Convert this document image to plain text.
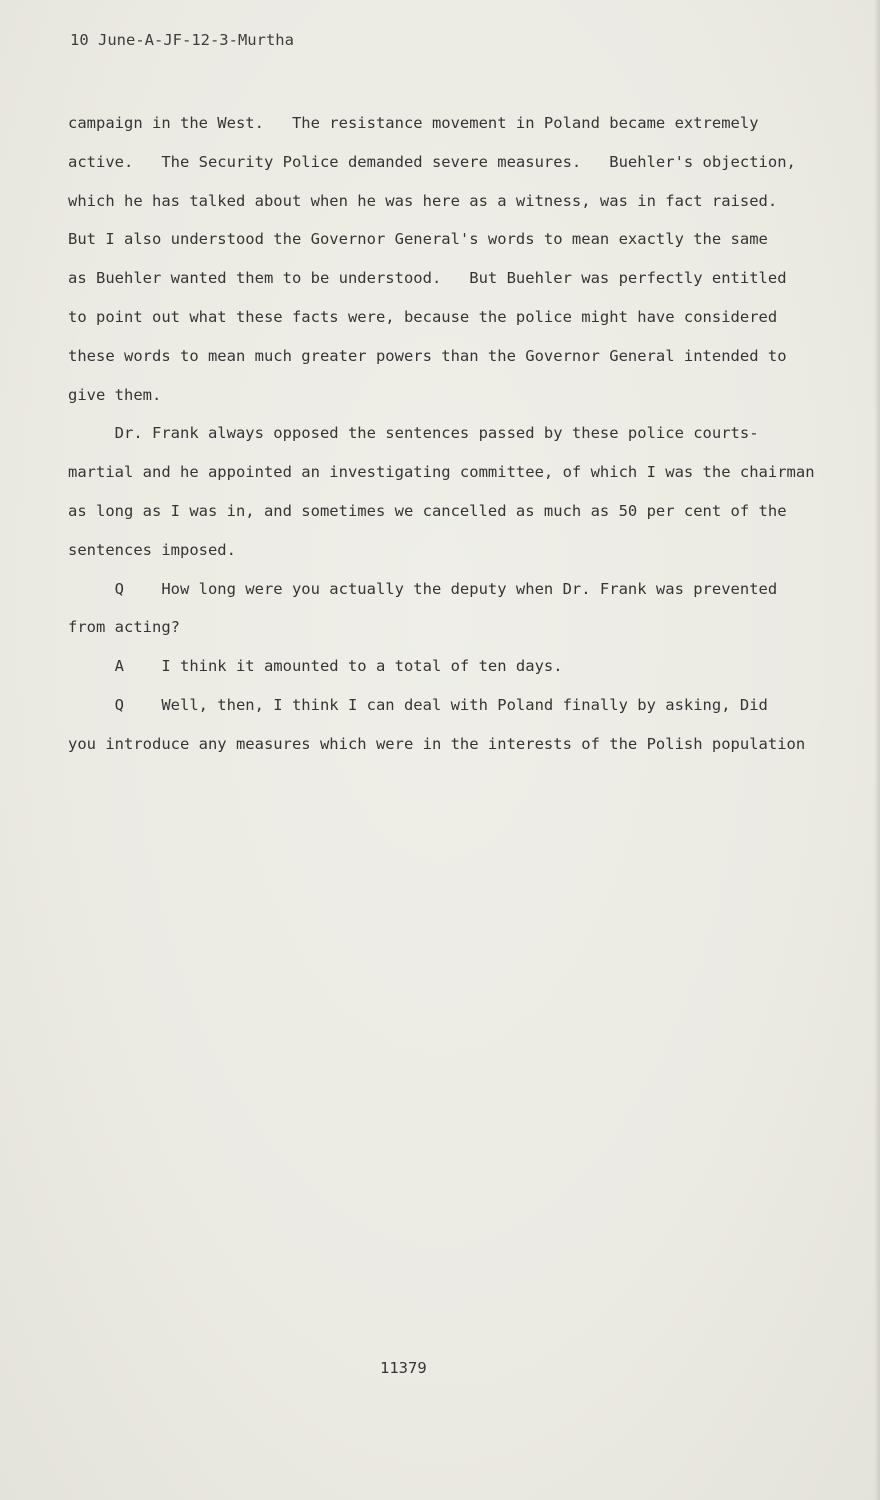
10 June-A-JF-12-3-Murtha
campaign in the West.   The resistance movement in Poland became extremely
active.   The Security Police demanded severe measures.   Buehler's objection,
which he has talked about when he was here as a witness, was in fact raised.
But I also understood the Governor General's words to mean exactly the same
as Buehler wanted them to be understood.   But Buehler was perfectly entitled
to point out what these facts were, because the police might have considered
these words to mean much greater powers than the Governor General intended to
give them.
Dr. Frank always opposed the sentences passed by these police courts-
martial and he appointed an investigating committee, of which I was the chairman
as long as I was in, and sometimes we cancelled as much as 50 per cent of the
sentences imposed.
Q    How long were you actually the deputy when Dr. Frank was prevented
from acting?
A    I think it amounted to a total of ten days.
Q    Well, then, I think I can deal with Poland finally by asking, Did
you introduce any measures which were in the interests of the Polish population
11379
